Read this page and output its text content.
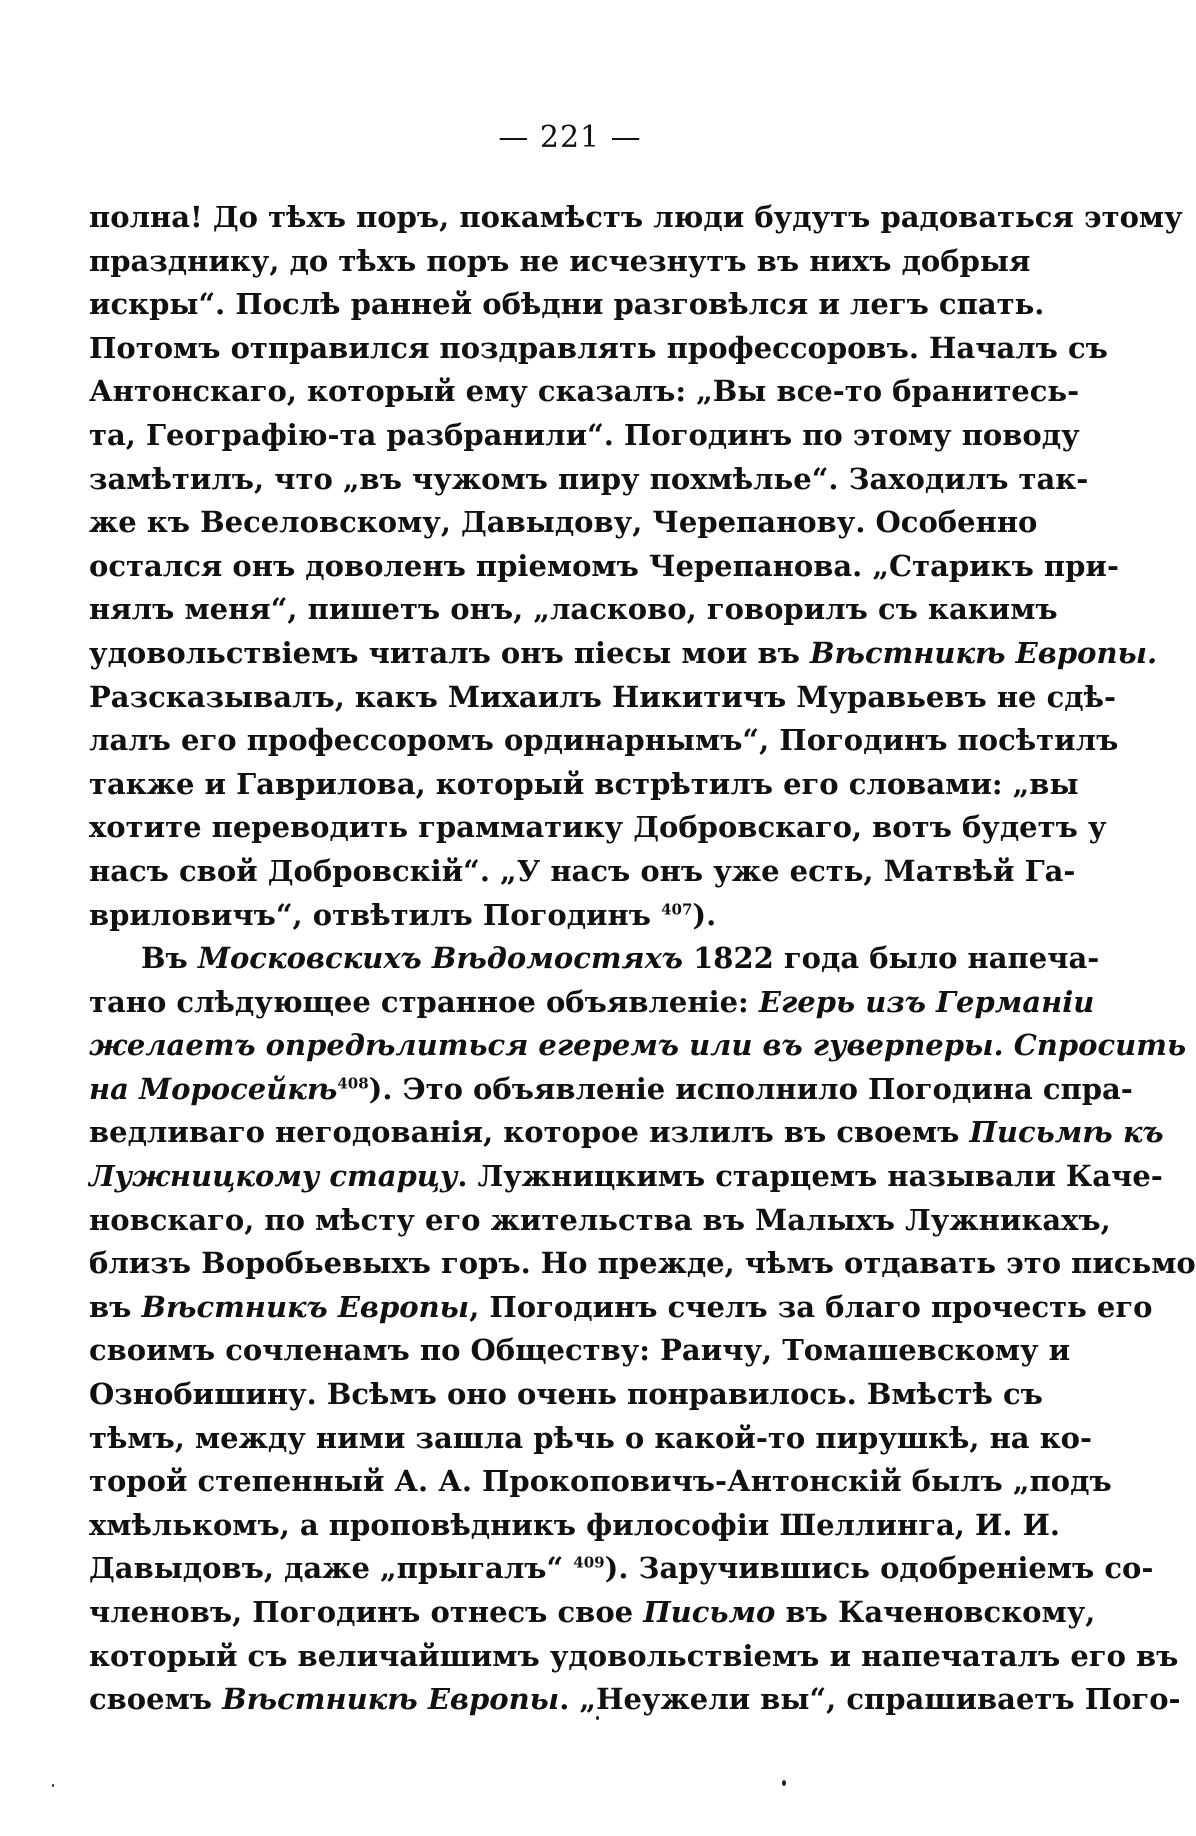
— 221 —
полна! До тѣхъ поръ, покамѣстъ люди будутъ радоваться этому
празднику, до тѣхъ поръ не исчезнутъ въ нихъ добрыя
искры“. Послѣ ранней обѣдни разговѣлся и легъ спать.
Потомъ отправился поздравлять профессоровъ. Началъ съ
Антонскаго, который ему сказалъ: „Вы все-то бранитесь-
та, Географію-та разбранили“. Погодинъ по этому поводу
замѣтилъ, что „въ чужомъ пиру похмѣлье“. Заходилъ так-
же къ Веселовскому, Давыдову, Черепанову. Особенно
остался онъ доволенъ пріемомъ Черепанова. „Старикъ при-
нялъ меня“, пишетъ онъ, „ласково, говорилъ съ какимъ
удовольствіемъ читалъ онъ піесы мои въ Вѣстникѣ Европы.
Разсказывалъ, какъ Михаилъ Никитичъ Муравьевъ не сдѣ-
лалъ его профессоромъ ординарнымъ“, Погодинъ посѣтилъ
также и Гаврилова, который встрѣтилъ его словами: „вы
хотите переводить грамматику Добровскаго, вотъ будетъ у
насъ свой Добровскій“. „У насъ онъ уже есть, Матвѣй Га-
вриловичъ“, отвѣтилъ Погодинъ $^{407}$).
Въ Московскихъ Вѣдомостяхъ 1822 года было напеча-
тано слѣдующее странное объявленіе: Егерь изъ Германіи
желаетъ опредѣлиться егеремъ или въ гуверперы. Спросить
на Моросейкѣ$^{408}$). Это объявленіе исполнило Погодина спра-
ведливаго негодованія, которое излилъ въ своемъ Письмѣ къ
Лужницкому старцу. Лужницкимъ старцемъ называли Каче-
новскаго, по мѣсту его жительства въ Малыхъ Лужникахъ,
близъ Воробьевыхъ горъ. Но прежде, чѣмъ отдавать это письмо
въ Вѣстникъ Европы, Погодинъ счелъ за благо прочесть его
своимъ сочленамъ по Обществу: Раичу, Томашевскому и
Ознобишину. Всѣмъ оно очень понравилось. Вмѣстѣ съ
тѣмъ, между ними зашла рѣчь о какой-то пирушкѣ, на ко-
торой степенный А. А. Прокоповичъ-Антонскій былъ „подъ
хмѣлькомъ, а проповѣдникъ философіи Шеллинга, И. И.
Давыдовъ, даже „прыгалъ“ $^{409}$). Заручившись одобреніемъ со-
членовъ, Погодинъ отнесъ свое Письмо въ Каченовскому,
который съ величайшимъ удовольствіемъ и напечаталъ его въ
своемъ Вѣстникѣ Европы. „Неужели вы“, спрашиваетъ Пого-
